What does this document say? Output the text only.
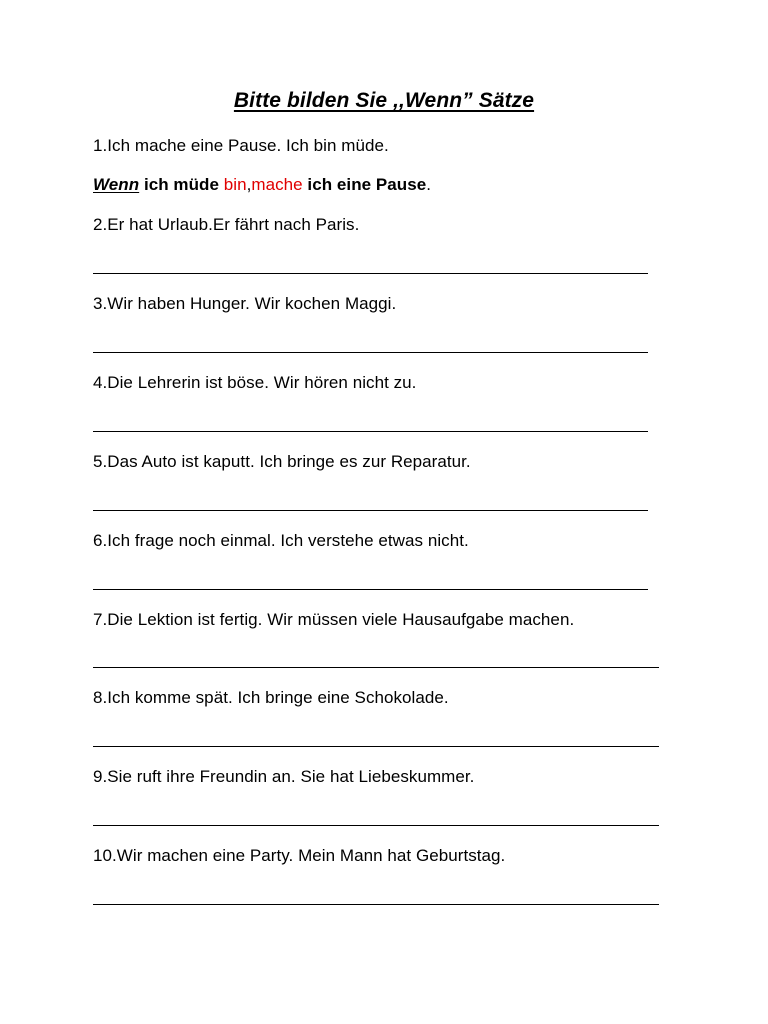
Bitte bilden Sie ,,Wenn” Sätze
1.Ich mache eine Pause. Ich bin müde.
Wenn ich müde bin,mache ich eine Pause.
2.Er hat Urlaub.Er fährt nach Paris.
3.Wir haben Hunger. Wir kochen Maggi.
4.Die Lehrerin ist böse. Wir hören nicht zu.
5.Das Auto ist kaputt. Ich bringe es zur Reparatur.
6.Ich frage noch einmal. Ich verstehe etwas nicht.
7.Die Lektion ist fertig. Wir müssen viele Hausaufgabe machen.
8.Ich komme spät. Ich bringe eine Schokolade.
9.Sie ruft ihre Freundin an. Sie hat Liebeskummer.
10.Wir machen eine Party. Mein Mann hat Geburtstag.
